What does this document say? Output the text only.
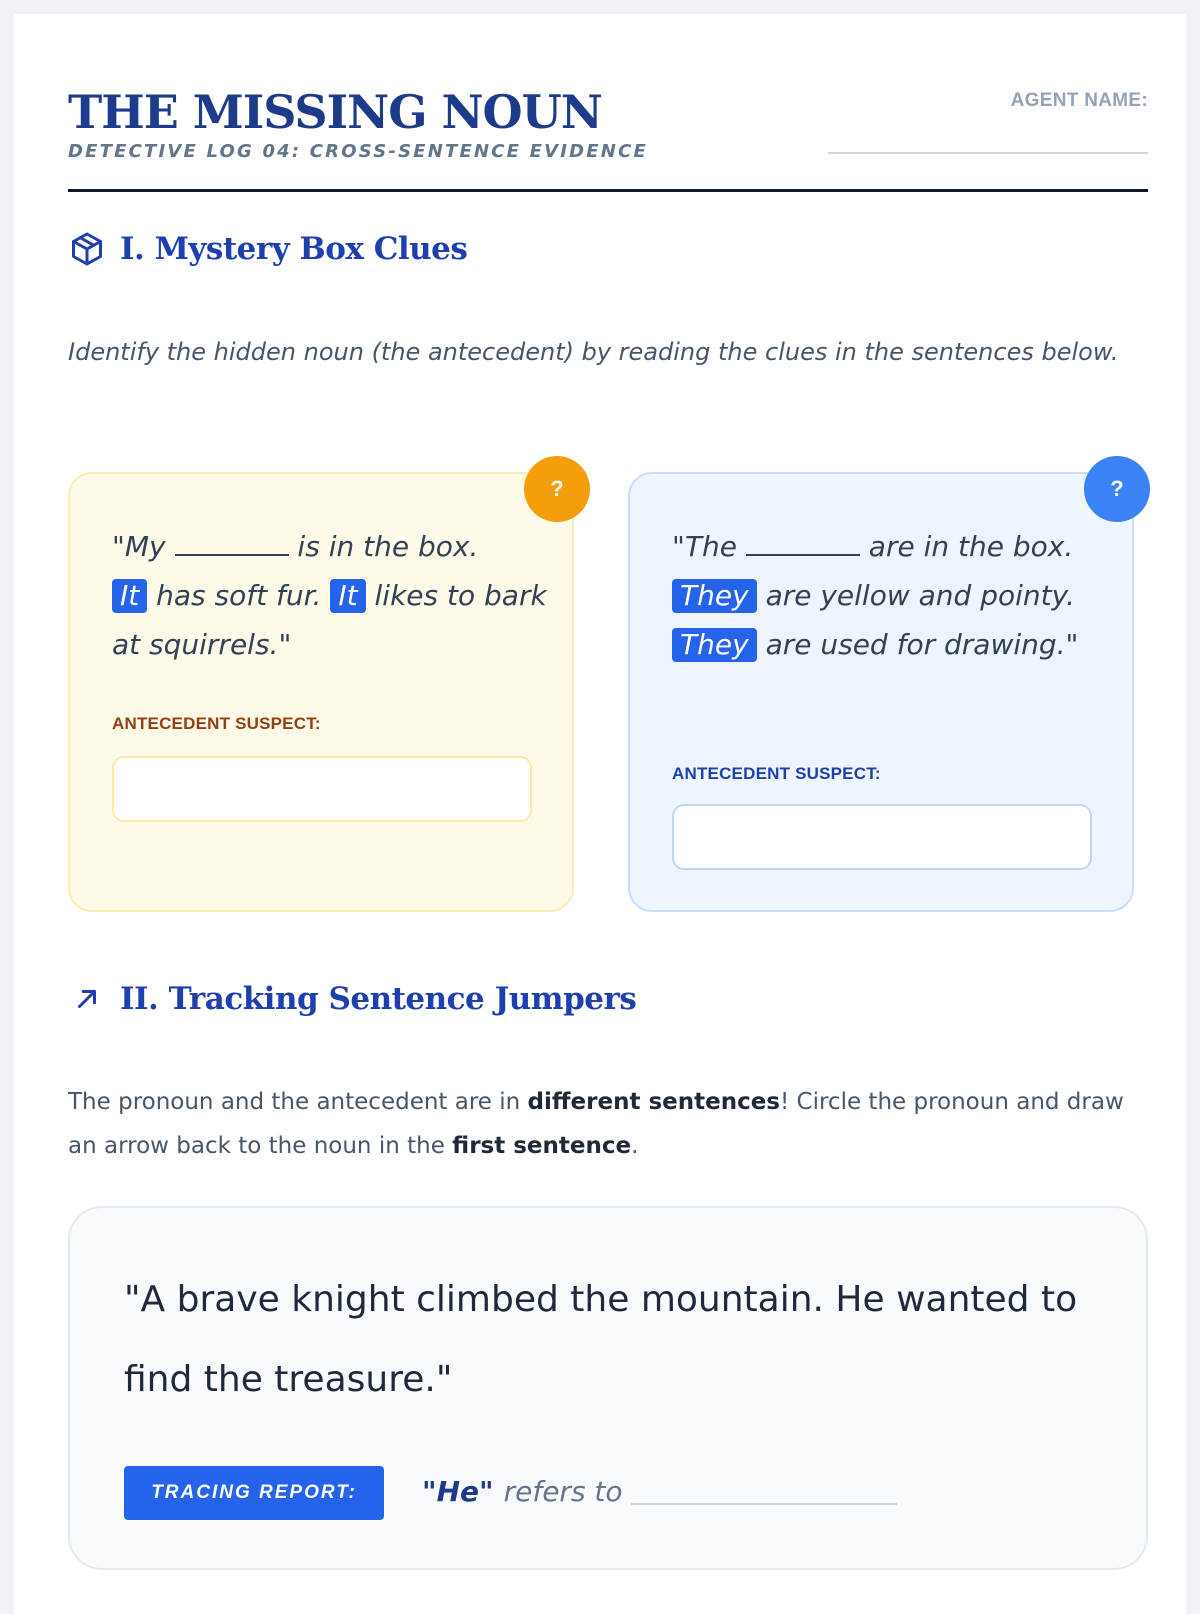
THE MISSING NOUN
DETECTIVE LOG 04: CROSS-SENTENCE EVIDENCE
AGENT NAME:
I. Mystery Box Clues
Identify the hidden noun (the antecedent) by reading the clues in the sentences below.
?
"My	is in the box.
It has soft fur. It likes to bark at squirrels."
ANTECEDENT SUSPECT:
?
"The	are in the box.
They are yellow and pointy.
They are used for drawing."
ANTECEDENT SUSPECT:
II. Tracking Sentence Jumpers
The pronoun and the antecedent are in different sentences! Circle the pronoun and draw an arrow back to the noun in the first sentence.
"A brave knight climbed the mountain. He wanted to find the treasure."
TRACING REPORT:	"He" refers to
